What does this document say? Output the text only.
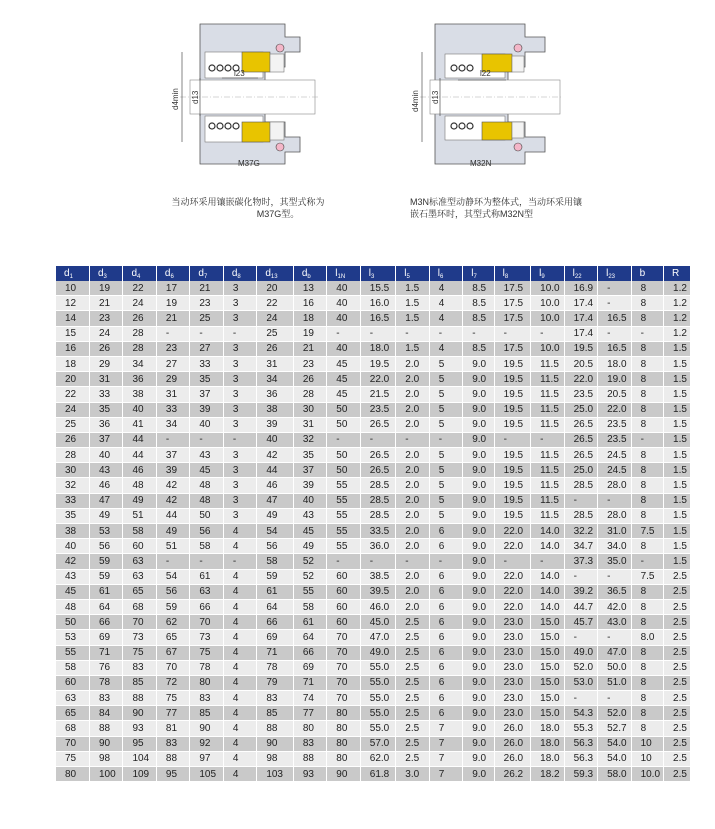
d4min d13
l23
M37G
d4min d13
l22
M32N
当动环采用镶嵌碳化物时，其型式称为
M37G型。
M3N标准型动静环为整体式，当动环采用镶
嵌石墨环时，其型式称M32N型
$d_1$	$d_3$	$d_4$	$d_6$	$d_7$	$d_8$	$d_{13}$	$d_b$	$l_{1N}$	$l_3$	$l_5$	$l_6$	$l_7$	$l_8$	$l_9$	$l_{22}$	$l_{23}$	b	R
10	19	22	17	21	3	20	13	40	15.5	1.5	4	8.5	17.5	10.0	16.9	-	8	1.2
12	21	24	19	23	3	22	16	40	16.0	1.5	4	8.5	17.5	10.0	17.4	-	8	1.2
14	23	26	21	25	3	24	18	40	16.5	1.5	4	8.5	17.5	10.0	17.4	16.5	8	1.2
15	24	28	-	-	-	25	19	-	-	-	-	-	-	-	17.4	-	-	1.2
16	26	28	23	27	3	26	21	40	18.0	1.5	4	8.5	17.5	10.0	19.5	16.5	8	1.5
18	29	34	27	33	3	31	23	45	19.5	2.0	5	9.0	19.5	11.5	20.5	18.0	8	1.5
20	31	36	29	35	3	34	26	45	22.0	2.0	5	9.0	19.5	11.5	22.0	19.0	8	1.5
22	33	38	31	37	3	36	28	45	21.5	2.0	5	9.0	19.5	11.5	23.5	20.5	8	1.5
24	35	40	33	39	3	38	30	50	23.5	2.0	5	9.0	19.5	11.5	25.0	22.0	8	1.5
25	36	41	34	40	3	39	31	50	26.5	2.0	5	9.0	19.5	11.5	26.5	23.5	8	1.5
26	37	44	-	-	-	40	32	-	-	-	-	9.0	-	-	26.5	23.5	-	1.5
28	40	44	37	43	3	42	35	50	26.5	2.0	5	9.0	19.5	11.5	26.5	24.5	8	1.5
30	43	46	39	45	3	44	37	50	26.5	2.0	5	9.0	19.5	11.5	25.0	24.5	8	1.5
32	46	48	42	48	3	46	39	55	28.5	2.0	5	9.0	19.5	11.5	28.5	28.0	8	1.5
33	47	49	42	48	3	47	40	55	28.5	2.0	5	9.0	19.5	11.5	-	-	8	1.5
35	49	51	44	50	3	49	43	55	28.5	2.0	5	9.0	19.5	11.5	28.5	28.0	8	1.5
38	53	58	49	56	4	54	45	55	33.5	2.0	6	9.0	22.0	14.0	32.2	31.0	7.5	1.5
40	56	60	51	58	4	56	49	55	36.0	2.0	6	9.0	22.0	14.0	34.7	34.0	8	1.5
42	59	63	-	-	-	58	52	-	-	-	-	9.0	-	-	37.3	35.0	-	1.5
43	59	63	54	61	4	59	52	60	38.5	2.0	6	9.0	22.0	14.0	-	-	7.5	2.5
45	61	65	56	63	4	61	55	60	39.5	2.0	6	9.0	22.0	14.0	39.2	36.5	8	2.5
48	64	68	59	66	4	64	58	60	46.0	2.0	6	9.0	22.0	14.0	44.7	42.0	8	2.5
50	66	70	62	70	4	66	61	60	45.0	2.5	6	9.0	23.0	15.0	45.7	43.0	8	2.5
53	69	73	65	73	4	69	64	70	47.0	2.5	6	9.0	23.0	15.0	-	-	8.0	2.5
55	71	75	67	75	4	71	66	70	49.0	2.5	6	9.0	23.0	15.0	49.0	47.0	8	2.5
58	76	83	70	78	4	78	69	70	55.0	2.5	6	9.0	23.0	15.0	52.0	50.0	8	2.5
60	78	85	72	80	4	79	71	70	55.0	2.5	6	9.0	23.0	15.0	53.0	51.0	8	2.5
63	83	88	75	83	4	83	74	70	55.0	2.5	6	9.0	23.0	15.0	-	-	8	2.5
65	84	90	77	85	4	85	77	80	55.0	2.5	6	9.0	23.0	15.0	54.3	52.0	8	2.5
68	88	93	81	90	4	88	80	80	55.0	2.5	7	9.0	26.0	18.0	55.3	52.7	8	2.5
70	90	95	83	92	4	90	83	80	57.0	2.5	7	9.0	26.0	18.0	56.3	54.0	10	2.5
75	98	104	88	97	4	98	88	80	62.0	2.5	7	9.0	26.0	18.0	56.3	54.0	10	2.5
80	100	109	95	105	4	103	93	90	61.8	3.0	7	9.0	26.2	18.2	59.3	58.0	10.0	2.5
